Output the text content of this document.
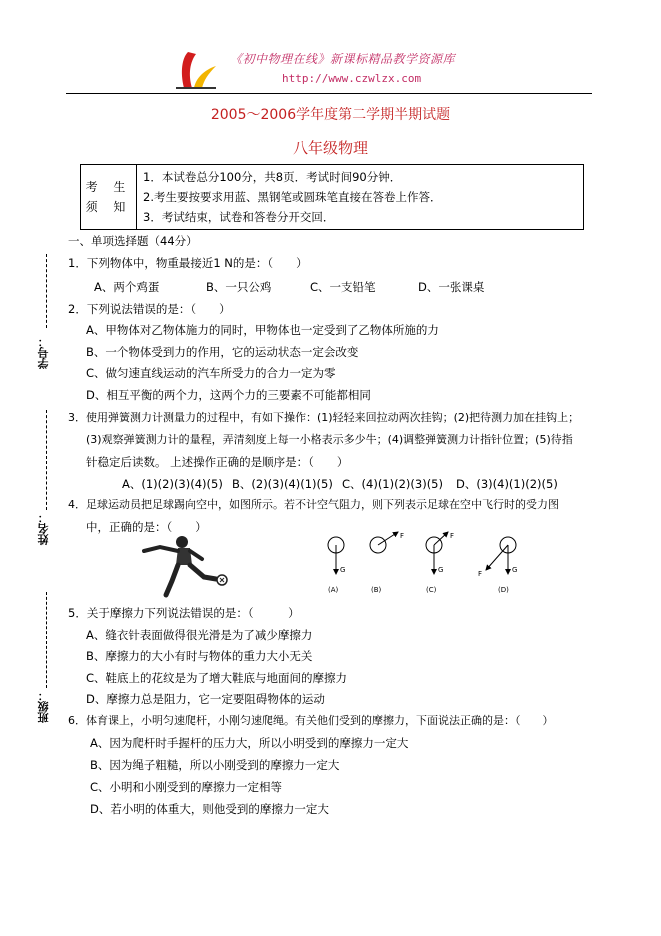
《初中物理在线》新课标精品教学资源库
http://www.czwlzx.com
2005～2006学年度第二学期半期试题
八年级物理
考 生
须 知
1．本试卷总分100分，共8页．考试时间90分钟．
2.考生要按要求用蓝、黑钢笔或圆珠笔直接在答卷上作答．
3．考试结束，试卷和答卷分开交回．
学号：
姓名：
班级：
一、单项选择题（44分）
1．下列物体中，物重最接近1 N的是：（　　）
A、两个鸡蛋	B、一只公鸡	C、一支铅笔	D、一张课桌
2．下列说法错误的是：（　　）
A、甲物体对乙物体施力的同时，甲物体也一定受到了乙物体所施的力
B、一个物体受到力的作用，它的运动状态一定会改变
C、做匀速直线运动的汽车所受力的合力一定为零
D、相互平衡的两个力，这两个力的三要素不可能都相同
3．使用弹簧测力计测量力的过程中，有如下操作：(1)轻轻来回拉动两次挂钩；(2)把待测力加在挂钩上；
(3)观察弹簧测力计的量程，弄清刻度上每一小格表示多少牛；(4)调整弹簧测力计指针位置；(5)待指
针稳定后读数。 上述操作正确的是顺序是：（　　）
A、(1)(2)(3)(4)(5) B、(2)(3)(4)(1)(5) C、(4)(1)(2)(3)(5) D、(3)(4)(1)(2)(5)
4．足球运动员把足球踢向空中，如图所示。若不计空气阻力，则下列表示足球在空中飞行时的受力图
中，正确的是：（　　）
G
(A)
F
(B)
F
G
(C)
F	G
(D)
5．关于摩擦力下列说法错误的是：（　　　）
A、缝衣针表面做得很光滑是为了减少摩擦力
B、摩擦力的大小有时与物体的重力大小无关
C、鞋底上的花纹是为了增大鞋底与地面间的摩擦力
D、摩擦力总是阻力，它一定要阻碍物体的运动
6．体育课上，小明匀速爬杆，小刚匀速爬绳。有关他们受到的摩擦力，下面说法正确的是：（　　）
A、因为爬杆时手握杆的压力大，所以小明受到的摩擦力一定大
B、因为绳子粗糙，所以小刚受到的摩擦力一定大
C、小明和小刚受到的摩擦力一定相等
D、若小明的体重大，则他受到的摩擦力一定大
